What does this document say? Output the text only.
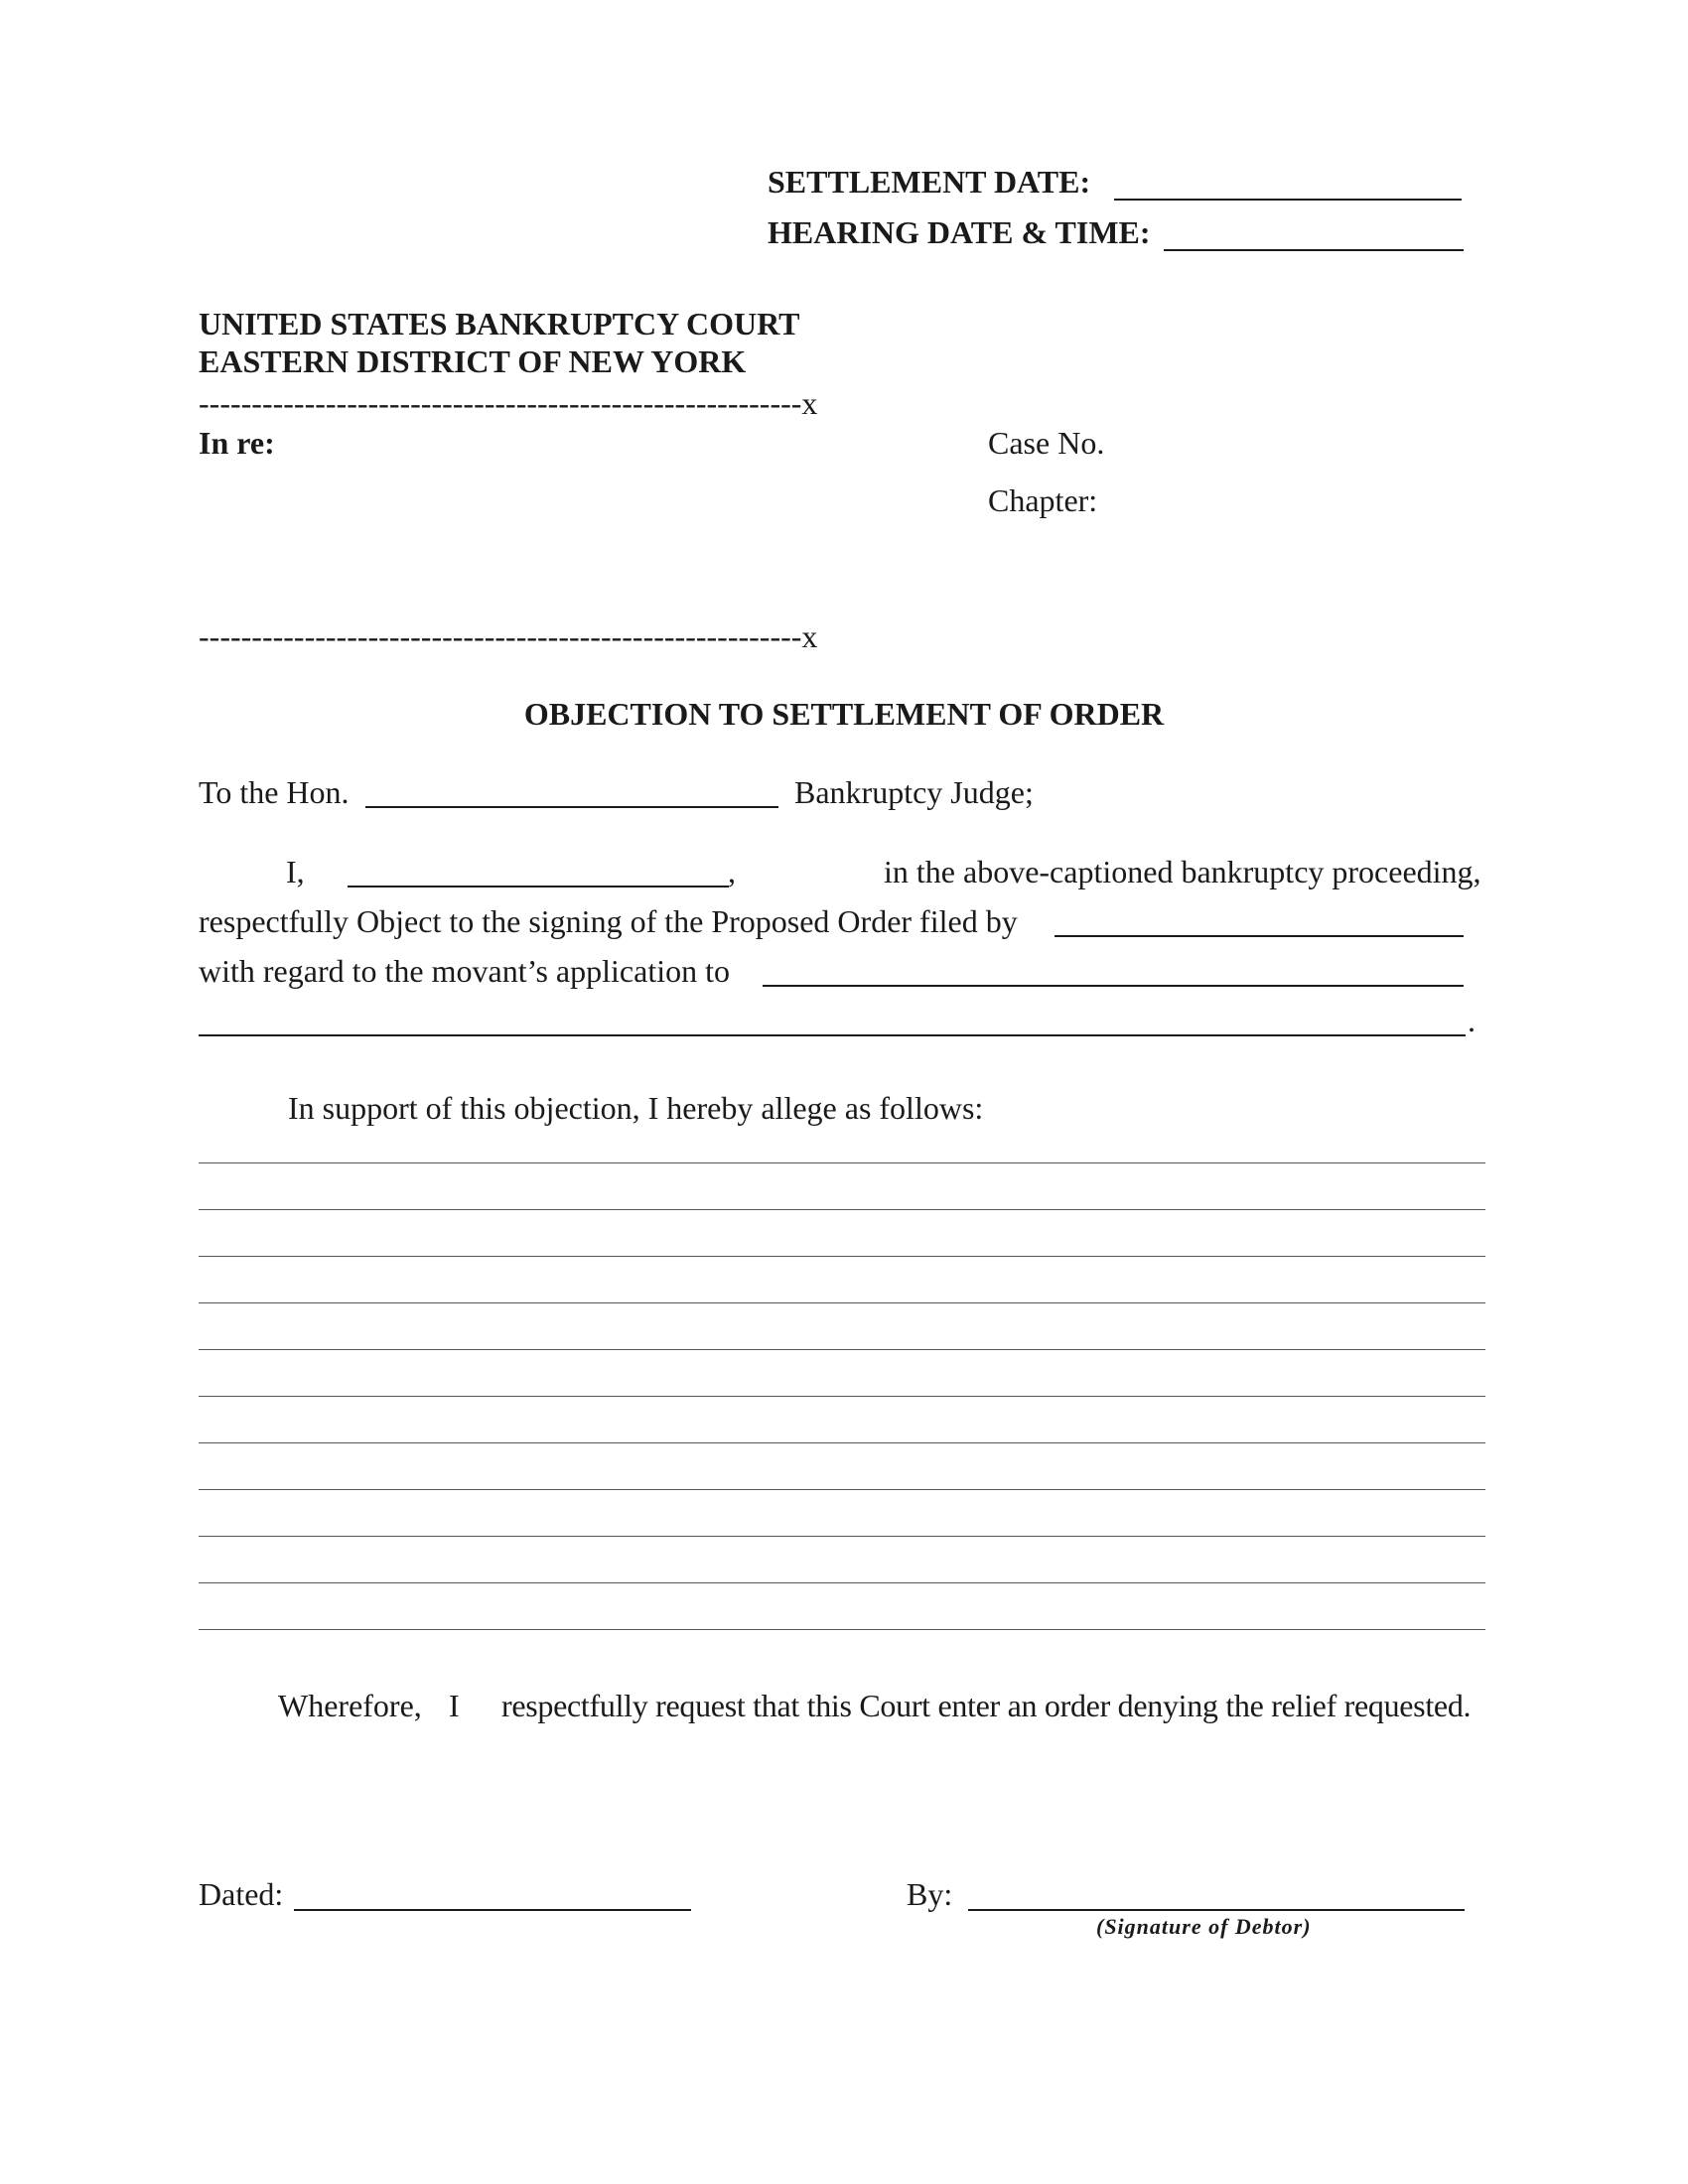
SETTLEMENT DATE:
HEARING DATE & TIME:
UNITED STATES BANKRUPTCY COURT
EASTERN DISTRICT OF NEW YORK
---------------------------------------------------------x
In re:	Case No.
Chapter:
---------------------------------------------------------x
OBJECTION TO SETTLEMENT OF ORDER
To the Hon.	Bankruptcy Judge;
I,	,	in the above-captioned bankruptcy proceeding,
respectfully Object to the signing of the Proposed Order filed by
with regard to the movant’s application to
.
In support of this objection, I hereby allege as follows:
Wherefore, I respectfully request that this Court enter an order denying the relief requested.
Dated:	By:
(Signature of Debtor)
